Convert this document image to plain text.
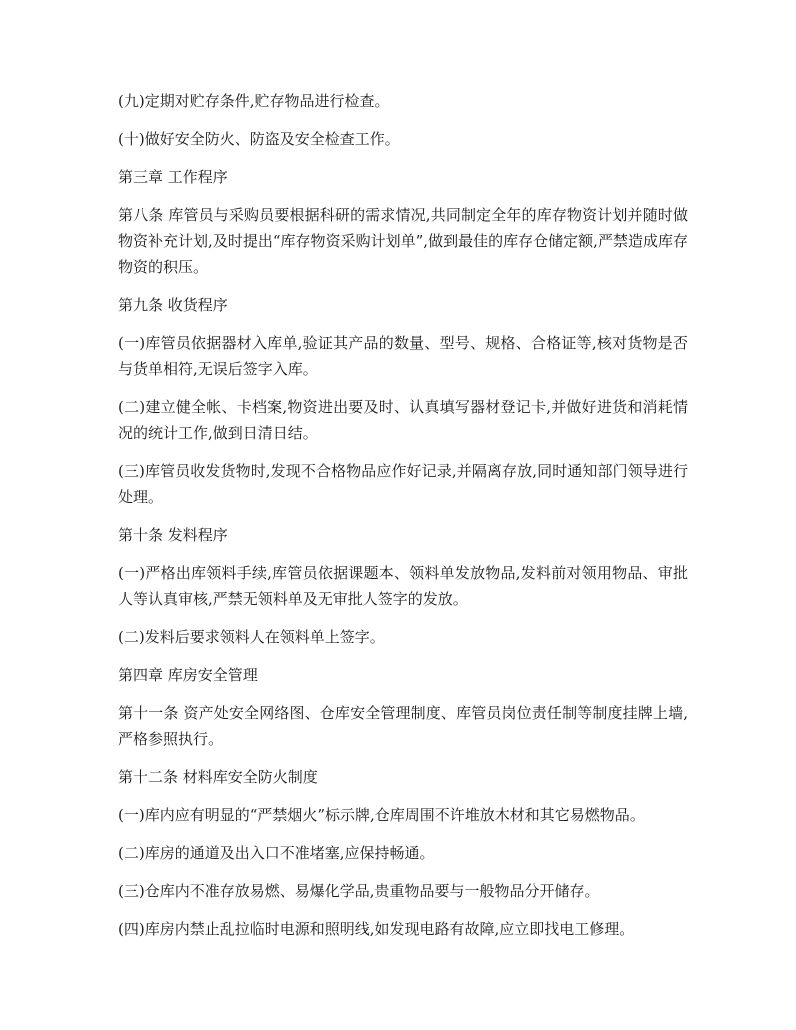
(九)定期对贮存条件,贮存物品进行检查。

(十)做好安全防火、防盗及安全检查工作。

第三章 工作程序

第八条 库管员与采购员要根据科研的需求情况,共同制定全年的库存物资计划并随时做物资补充计划,及时提出“库存物资采购计划单”,做到最佳的库存仓储定额,严禁造成库存物资的积压。

第九条 收货程序

(一)库管员依据器材入库单,验证其产品的数量、型号、规格、合格证等,核对货物是否与货单相符,无误后签字入库。

(二)建立健全帐、卡档案,物资进出要及时、认真填写器材登记卡,并做好进货和消耗情况的统计工作,做到日清日结。

(三)库管员收发货物时,发现不合格物品应作好记录,并隔离存放,同时通知部门领导进行处理。

第十条 发料程序

(一)严格出库领料手续,库管员依据课题本、领料单发放物品,发料前对领用物品、审批人等认真审核,严禁无领料单及无审批人签字的发放。

(二)发料后要求领料人在领料单上签字。

第四章 库房安全管理

第十一条 资产处安全网络图、仓库安全管理制度、库管员岗位责任制等制度挂牌上墙,严格参照执行。

第十二条 材料库安全防火制度

(一)库内应有明显的“严禁烟火”标示牌,仓库周围不许堆放木材和其它易燃物品。

(二)库房的通道及出入口不准堵塞,应保持畅通。

(三)仓库内不准存放易燃、易爆化学品,贵重物品要与一般物品分开储存。

(四)库房内禁止乱拉临时电源和照明线,如发现电路有故障,应立即找电工修理。
